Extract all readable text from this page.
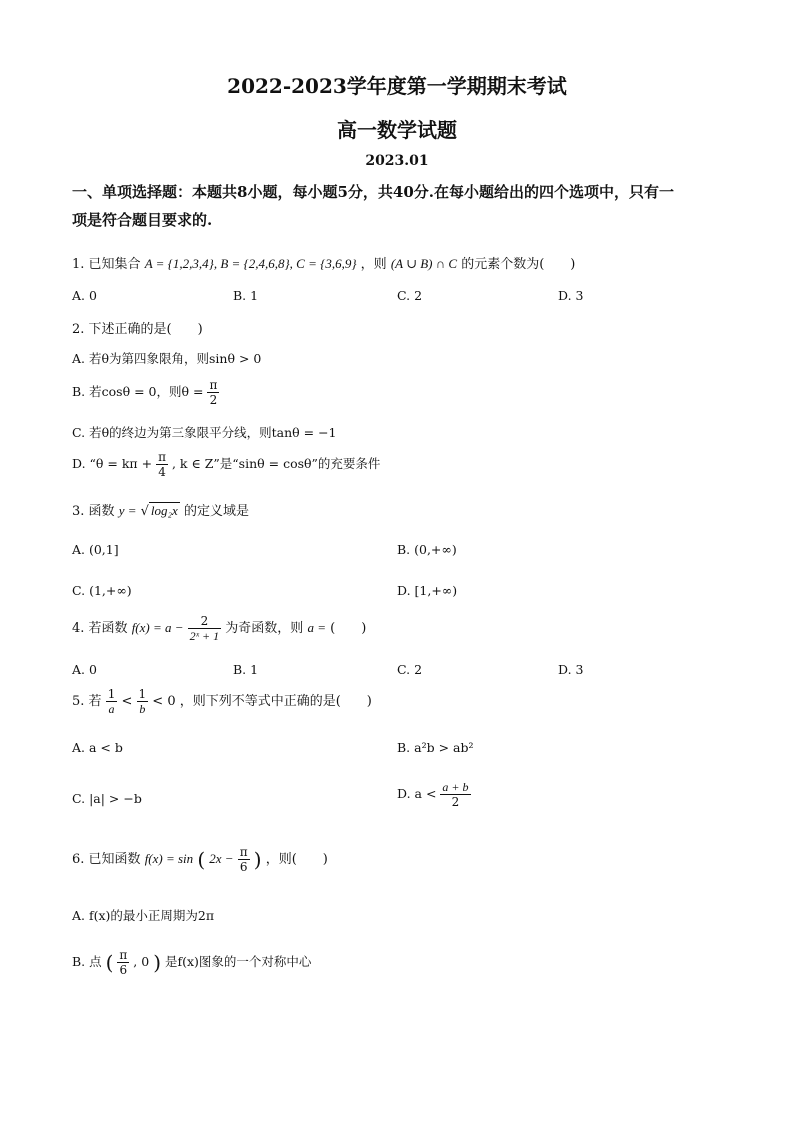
2022-2023学年度第一学期期末考试
高一数学试题
2023.01
一、单项选择题：本题共8小题，每小题5分，共40分.在每小题给出的四个选项中，只有一
项是符合题目要求的.
1. 已知集合 A = {1,2,3,4}, B = {2,4,6,8}, C = {3,6,9} ，则 (A ∪ B) ∩ C 的元素个数为(　　)
A. 0	B. 1	C. 2	D. 3
2. 下述正确的是(　　)
A. 若θ为第四象限角，则sinθ > 0
B. 若cosθ = 0，则$\theta = \frac{\pi}{2}$
C. 若θ的终边为第三象限平分线，则tanθ = −1
D. “$\theta = k\pi + \frac{\pi}{4}$ , k ∈ Z”是“sinθ = cosθ”的充要条件
3. 函数 y = √ log₂x 的定义域是
A. (0,1]	B. (0,+∞)
C. (1,+∞)	D. [1,+∞)
4. 若函数 $f(x) = a - \frac{2}{\text{2ˣ + 1}}$ 为奇函数，则 a = (　　)
A. 0	B. 1	C. 2	D. 3
5. 若 $\frac{1}{a} < \frac{1}{b} < 0$ ，则下列不等式中正确的是(　　)
A. a < b	B. a²b > ab²
C. |a| > −b	D. $a < \frac{a + b}{2}$
6. 已知函数 f(x) = sin ( $2x - \frac{\pi}{6}$ ) ，则(　　)
A. f(x)的最小正周期为2π
B. 点 ( $\frac{\pi}{6}$ , 0 ) 是f(x)图象的一个对称中心
